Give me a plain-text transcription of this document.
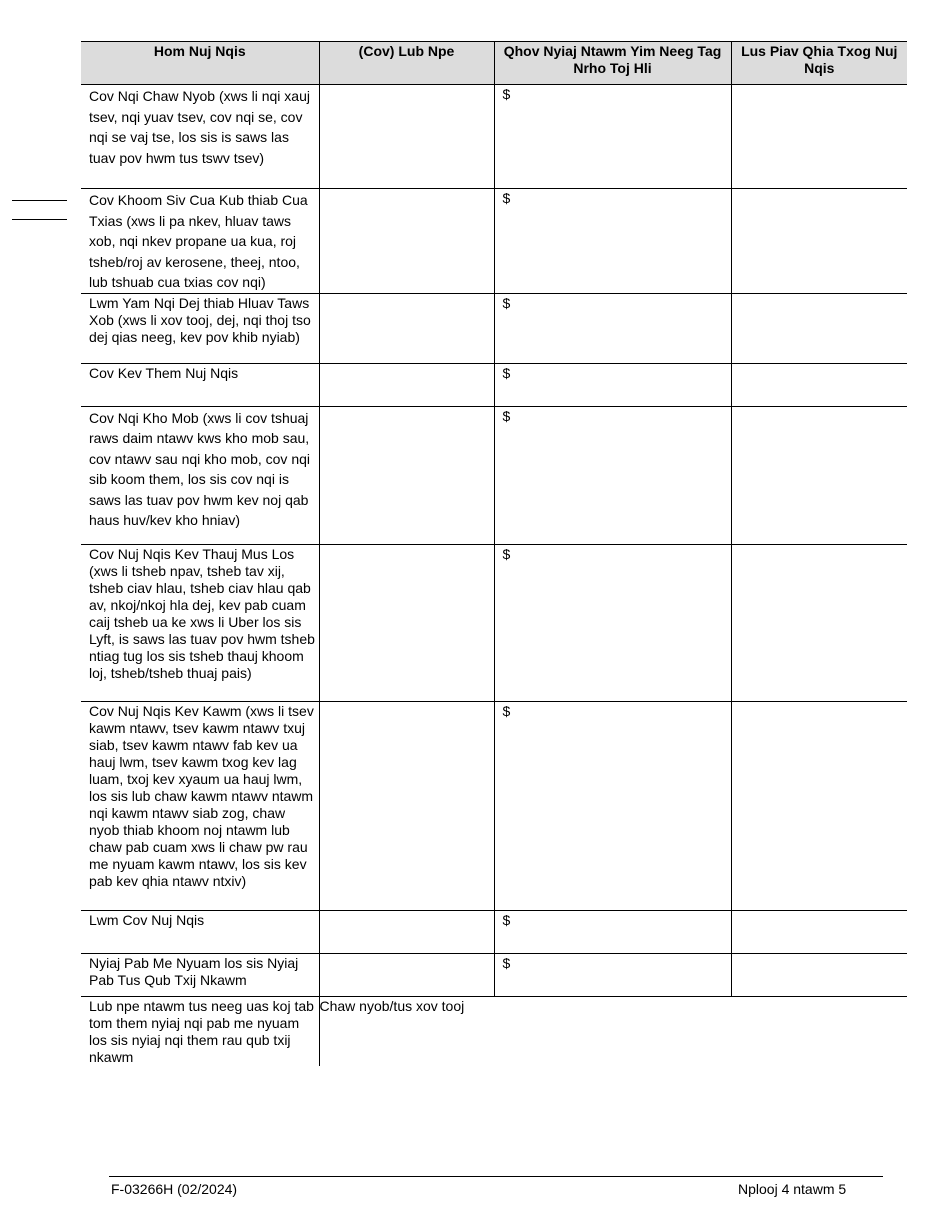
Hom Nuj Nqis	(Cov) Lub Npe	Qhov Nyiaj Ntawm Yim Neeg Tag Nrho Toj Hli	Lus Piav Qhia Txog Nuj Nqis
Cov Nqi Chaw Nyob (xws li nqi xauj tsev, nqi yuav tsev, cov nqi se, cov nqi se vaj tse, los sis is saws las tuav pov hwm tus tswv tsev)		$	
Cov Khoom Siv Cua Kub thiab Cua Txias (xws li pa nkev, hluav taws xob, nqi nkev propane ua kua, roj tsheb/roj av kerosene, theej, ntoo, lub tshuab cua txias cov nqi)		$	
Lwm Yam Nqi Dej thiab Hluav Taws Xob (xws li xov tooj, dej, nqi thoj tso dej qias neeg, kev pov khib nyiab)		$	
Cov Kev Them Nuj Nqis		$	
Cov Nqi Kho Mob (xws li cov tshuaj raws daim ntawv kws kho mob sau, cov ntawv sau nqi kho mob, cov nqi sib koom them, los sis cov nqi is saws las tuav pov hwm kev noj qab haus huv/kev kho hniav)		$	
Cov Nuj Nqis Kev Thauj Mus Los (xws li tsheb npav, tsheb tav xij, tsheb ciav hlau, tsheb ciav hlau qab av, nkoj/nkoj hla dej, kev pab cuam caij tsheb ua ke xws li Uber los sis Lyft, is saws las tuav pov hwm tsheb ntiag tug los sis tsheb thauj khoom loj, tsheb/tsheb thuaj pais)		$	
Cov Nuj Nqis Kev Kawm (xws li tsev kawm ntawv, tsev kawm ntawv txuj siab, tsev kawm ntawv fab kev ua hauj lwm, tsev kawm txog kev lag luam, txoj kev xyaum ua hauj lwm, los sis lub chaw kawm ntawv ntawm nqi kawm ntawv siab zog, chaw nyob thiab khoom noj ntawm lub chaw pab cuam xws li chaw pw rau me nyuam kawm ntawv, los sis kev pab kev qhia ntawv ntxiv)		$	
Lwm Cov Nuj Nqis		$	
Nyiaj Pab Me Nyuam los sis Nyiaj Pab Tus Qub Txij Nkawm		$	
Lub npe ntawm tus neeg uas koj tab tom them nyiaj nqi pab me nyuam los sis nyiaj nqi them rau qub txij nkawm	Chaw nyob/tus xov tooj		
F-03266H (02/2024)	Nplooj 4 ntawm 5
